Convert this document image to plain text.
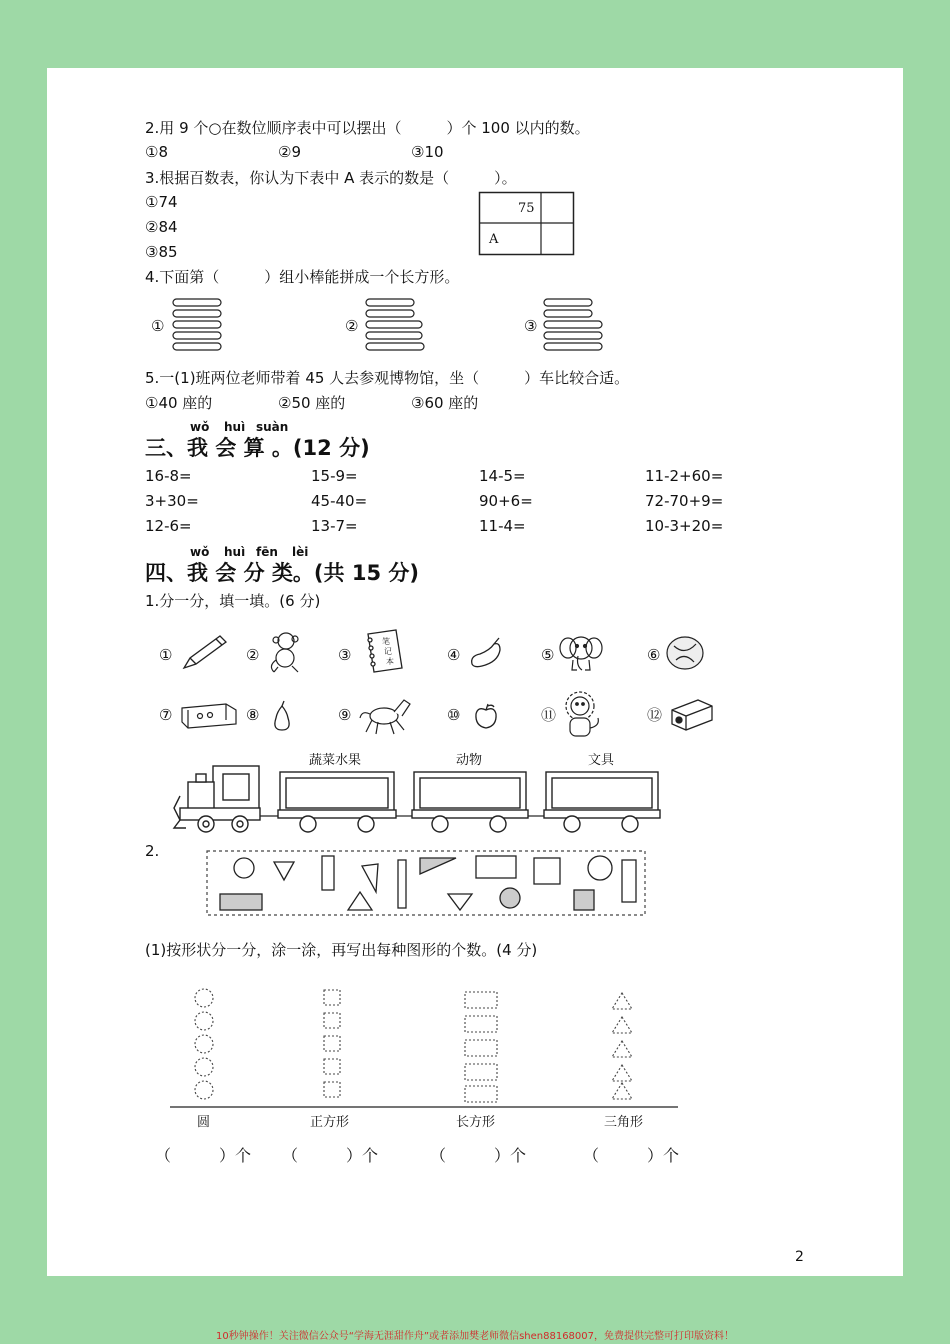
2.用 9 个○在数位顺序表中可以摆出（　　　）个 100 以内的数。
①8	②9	③10
3.根据百数表，你认为下表中 A 表示的数是（　　　）。
①74
②84
③85
75
A
4.下面第（　　　）组小棒能拼成一个长方形。
①	②	③
5.一(1)班两位老师带着 45 人去参观博物馆，坐（　　　）车比较合适。
①40 座的	②50 座的	③60 座的
wǒ huì suàn
三、我 会 算 。(12 分)
16-8=	15-9=	14-5=	11-2+60=
3+30=	45-40=	90+6=	72-70+9=
12-6=	13-7=	11-4=	10-3+20=
wǒ huì fēn lèi
四、我 会 分 类。(共 15 分)
1.分一分，填一填。(6 分)
①	②	③	④	⑤	⑥
⑦	⑧	⑨	⑩	⑪	⑫
笔
记
本
蔬菜水果	动物	文具
2.
(1)按形状分一分，涂一涂，再写出每种图形的个数。(4 分)
圆	正方形	长方形	三角形
（　　　）个 （　　　）个	（　　　）个	（　　　）个
2
10秒钟操作！关注微信公众号“学海无涯甜作舟”或者添加樊老师微信shen88168007，免费提供完整可打印版资料！
